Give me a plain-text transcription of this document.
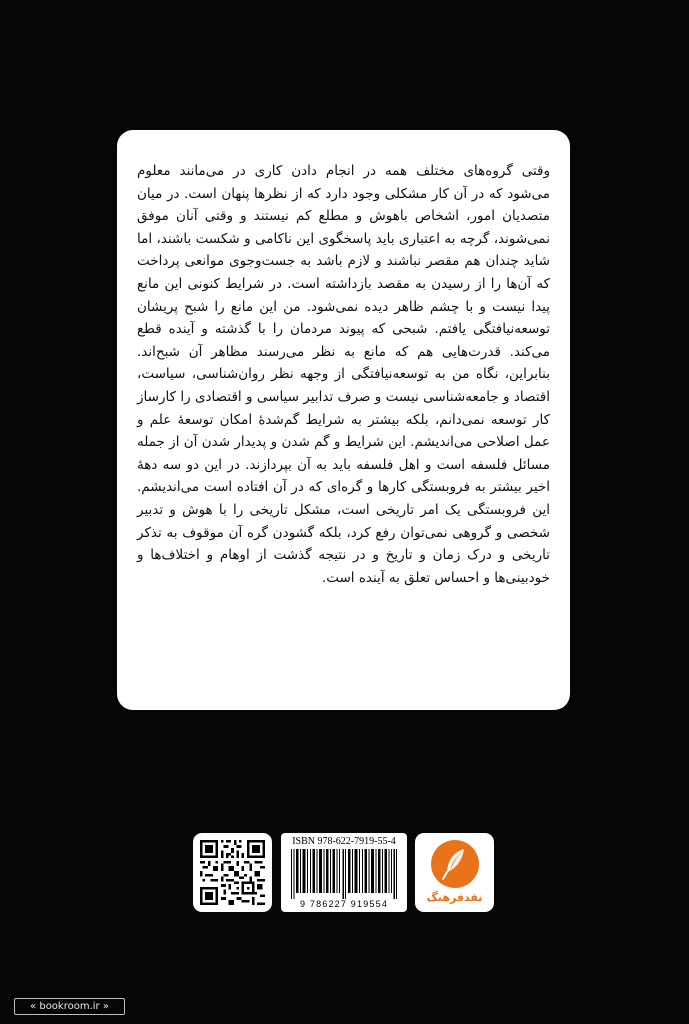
وقتی گروه‌های مختلف همه در انجام دادن کاری در می‌مانند معلوم می‌شود که در آن کار مشکلی وجود دارد که از نظرها پنهان است. در میان متصدیان امور، اشخاص باهوش و مطلع کم نیستند و وقتی آنان موفق نمی‌شوند، گرچه به اعتباری باید پاسخگوی این ناکامی و شکست باشند، اما شاید چندان هم مقصر نباشند و لازم باشد به جست‌وجوی موانعی پرداخت که آن‌ها را از رسیدن به مقصد بازداشته است. در شرایط کنونی این مانع پیدا نیست و با چشم ظاهر دیده نمی‌شود. من این مانع را شبح پریشان توسعه‌نیافتگی یافتم. شبحی که پیوند مردمان را با گذشته و آینده قطع می‌کند. قدرت‌هایی هم که مانع به نظر می‌رسند مظاهر آن شبح‌اند. بنابراین، نگاه من به توسعه‌نیافتگی از وجهه نظر روان‌شناسی، سیاست، اقتصاد و جامعه‌شناسی نیست و صرف تدابیر سیاسی و اقتصادی را کارساز کار توسعه نمی‌دانم، بلکه بیشتر به شرایط گم‌شدهٔ امکان توسعهٔ علم و عمل اصلاحی می‌اندیشم. این شرایط و گم شدن و پدیدار شدن آن از جمله مسائل فلسفه است و اهل فلسفه باید به آن بپردازند. در این دو سه دههٔ اخیر بیشتر به فروبستگی کارها و گره‌ای که در آن افتاده است می‌اندیشم. این فروبستگی یک امر تاریخی است، مشکل تاریخی را با هوش و تدبیر شخصی و گروهی نمی‌توان رفع کرد، بلکه گشودن گره آن موقوف به تذکر تاریخی و درک زمان و تاریخ و در نتیجه گذشت از اوهام و اختلاف‌ها و خودبینی‌ها و احساس تعلق به آینده است.

ISBN 978-622-7919-55-4
9 786227 919554	نقدفرهنگ
« bookroom.ir »
